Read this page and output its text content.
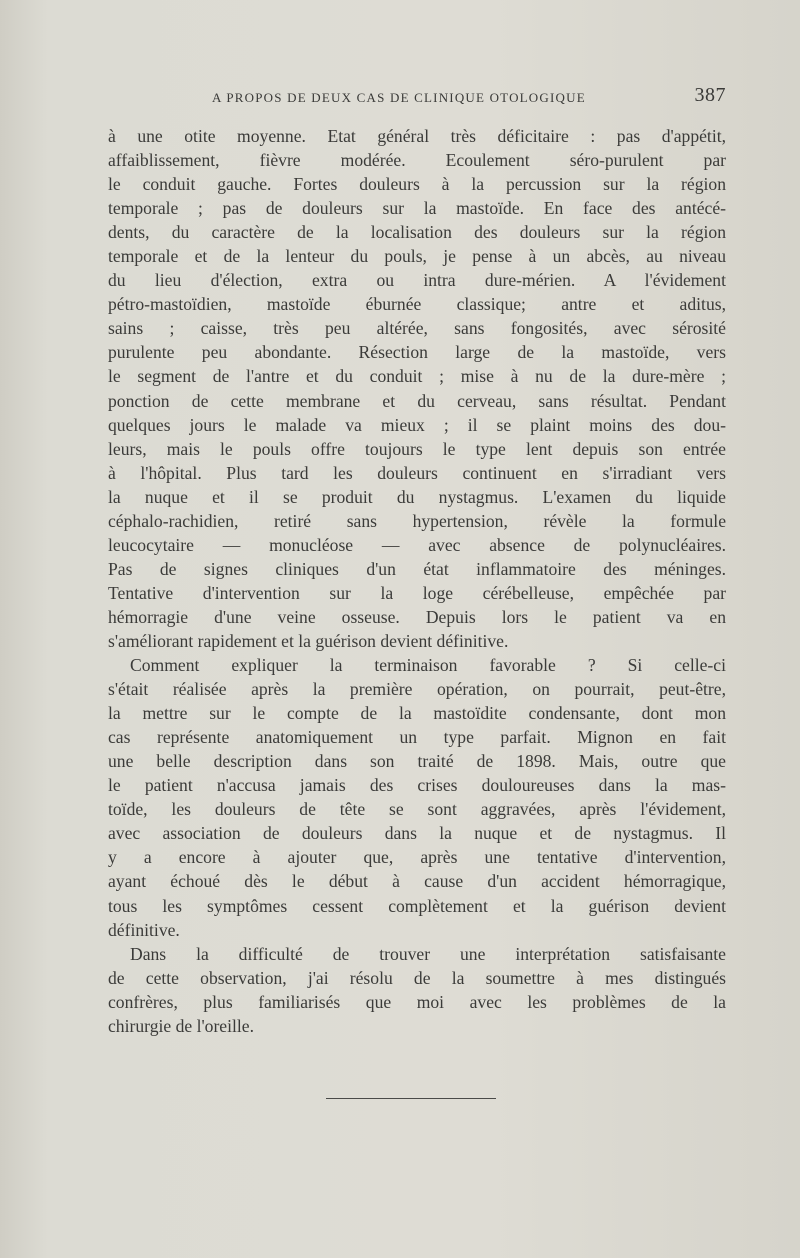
A PROPOS DE DEUX CAS DE CLINIQUE OTOLOGIQUE	387
à une otite moyenne. Etat général très déficitaire : pas d'appétit,
affaiblissement, fièvre modérée. Ecoulement séro-purulent par
le conduit gauche. Fortes douleurs à la percussion sur la région
temporale ; pas de douleurs sur la mastoïde. En face des antécé-
dents, du caractère de la localisation des douleurs sur la région
temporale et de la lenteur du pouls, je pense à un abcès, au niveau
du lieu d'élection, extra ou intra dure-mérien. A l'évidement
pétro-mastoïdien, mastoïde éburnée classique; antre et aditus,
sains ; caisse, très peu altérée, sans fongosités, avec sérosité
purulente peu abondante. Résection large de la mastoïde, vers
le segment de l'antre et du conduit ; mise à nu de la dure-mère ;
ponction de cette membrane et du cerveau, sans résultat. Pendant
quelques jours le malade va mieux ; il se plaint moins des dou-
leurs, mais le pouls offre toujours le type lent depuis son entrée
à l'hôpital. Plus tard les douleurs continuent en s'irradiant vers
la nuque et il se produit du nystagmus. L'examen du liquide
céphalo-rachidien, retiré sans hypertension, révèle la formule
leucocytaire — monucléose — avec absence de polynucléaires.
Pas de signes cliniques d'un état inflammatoire des méninges.
Tentative d'intervention sur la loge cérébelleuse, empêchée par
hémorragie d'une veine osseuse. Depuis lors le patient va en
s'améliorant rapidement et la guérison devient définitive.
Comment expliquer la terminaison favorable ? Si celle-ci
s'était réalisée après la première opération, on pourrait, peut-être,
la mettre sur le compte de la mastoïdite condensante, dont mon
cas représente anatomiquement un type parfait. Mignon en fait
une belle description dans son traité de 1898. Mais, outre que
le patient n'accusa jamais des crises douloureuses dans la mas-
toïde, les douleurs de tête se sont aggravées, après l'évidement,
avec association de douleurs dans la nuque et de nystagmus. Il
y a encore à ajouter que, après une tentative d'intervention,
ayant échoué dès le début à cause d'un accident hémorragique,
tous les symptômes cessent complètement et la guérison devient
définitive.
Dans la difficulté de trouver une interprétation satisfaisante
de cette observation, j'ai résolu de la soumettre à mes distingués
confrères, plus familiarisés que moi avec les problèmes de la
chirurgie de l'oreille.
